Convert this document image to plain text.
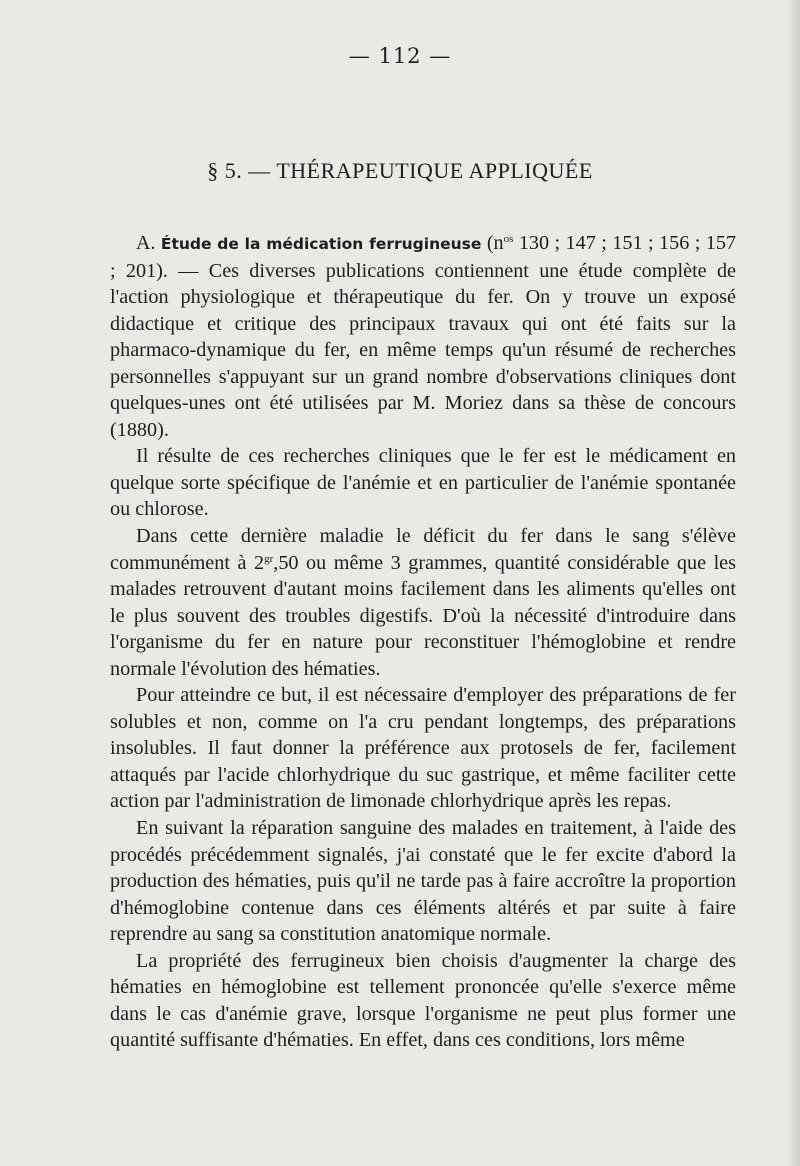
— 112 —
§ 5. — THÉRAPEUTIQUE APPLIQUÉE

A. Étude de la médication ferrugineuse ($n^{os}$ 130 ; 147 ; 151 ; 156 ; 157 ; 201). — Ces diverses publications contiennent une étude complète de l'action physiologique et thérapeutique du fer. On y trouve un exposé didactique et critique des principaux travaux qui ont été faits sur la pharmaco-dynamique du fer, en même temps qu'un résumé de recherches personnelles s'appuyant sur un grand nombre d'observations cliniques dont quelques-unes ont été utilisées par M. Moriez dans sa thèse de concours (1880).

Il résulte de ces recherches cliniques que le fer est le médicament en quelque sorte spécifique de l'anémie et en particulier de l'anémie spontanée ou chlorose.

Dans cette dernière maladie le déficit du fer dans le sang s'élève communément à $2^{gr},50$ ou même 3 grammes, quantité considérable que les malades retrouvent d'autant moins facilement dans les aliments qu'elles ont le plus souvent des troubles digestifs. D'où la nécessité d'introduire dans l'organisme du fer en nature pour reconstituer l'hémoglobine et rendre normale l'évolution des hématies.

Pour atteindre ce but, il est nécessaire d'employer des préparations de fer solubles et non, comme on l'a cru pendant longtemps, des préparations insolubles. Il faut donner la préférence aux protosels de fer, facilement attaqués par l'acide chlorhydrique du suc gastrique, et même faciliter cette action par l'administration de limonade chlorhydrique après les repas.

En suivant la réparation sanguine des malades en traitement, à l'aide des procédés précédemment signalés, j'ai constaté que le fer excite d'abord la production des hématies, puis qu'il ne tarde pas à faire accroître la proportion d'hémoglobine contenue dans ces éléments altérés et par suite à faire reprendre au sang sa constitution anatomique normale.

La propriété des ferrugineux bien choisis d'augmenter la charge des hématies en hémoglobine est tellement prononcée qu'elle s'exerce même dans le cas d'anémie grave, lorsque l'organisme ne peut plus former une quantité suffisante d'hématies. En effet, dans ces conditions, lors même
